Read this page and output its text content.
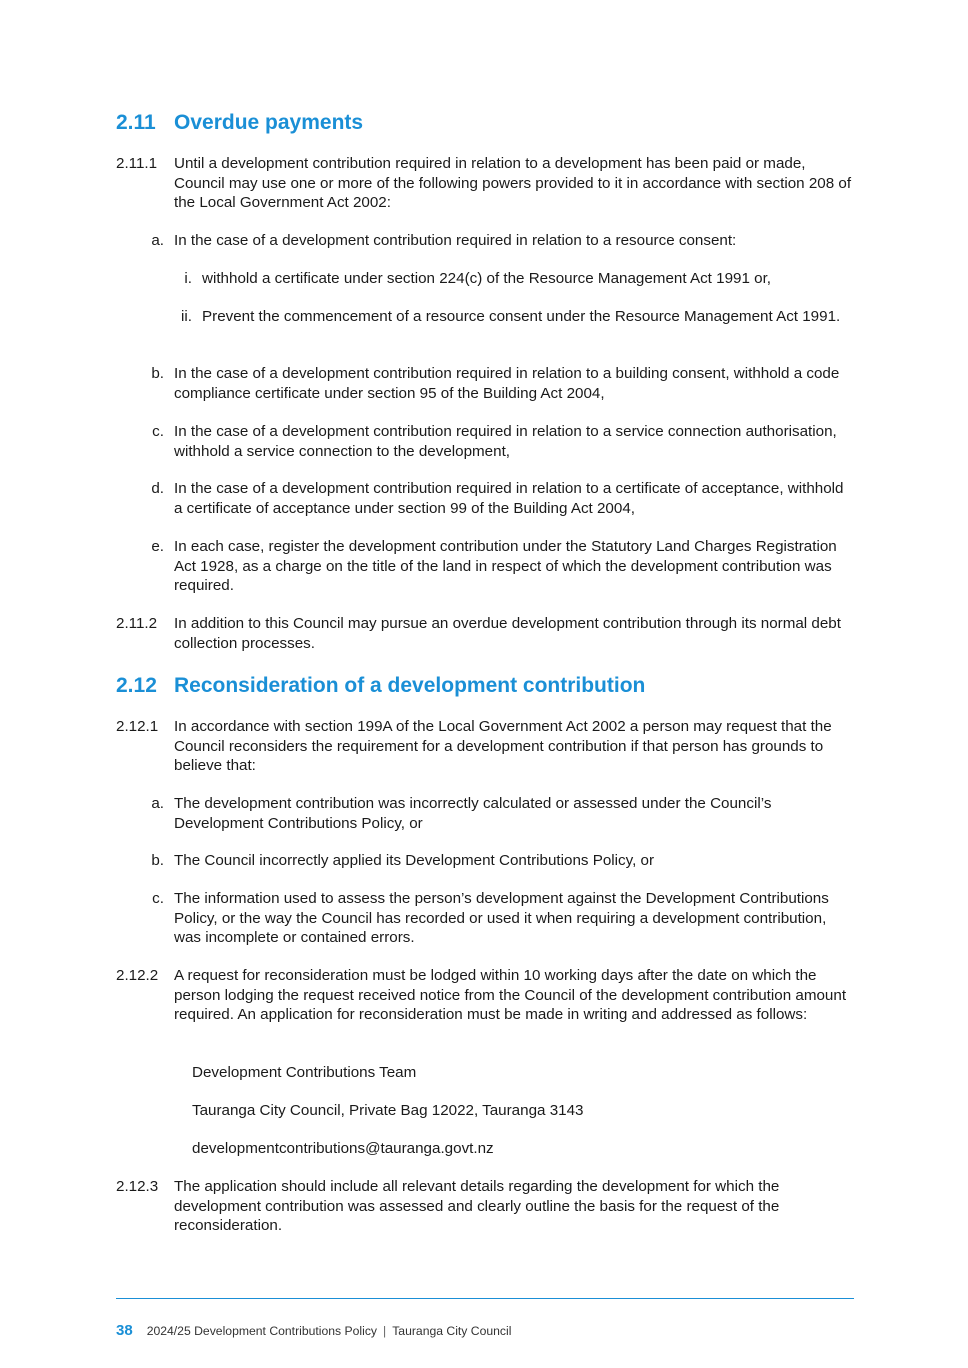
2.11 Overdue payments
2.11.1 Until a development contribution required in relation to a development has been paid or made, Council may use one or more of the following powers provided to it in accordance with section 208 of the Local Government Act 2002:
a. In the case of a development contribution required in relation to a resource consent:
i. withhold a certificate under section 224(c) of the Resource Management Act 1991 or,
ii. Prevent the commencement of a resource consent under the Resource Management Act 1991.
b. In the case of a development contribution required in relation to a building consent, withhold a code compliance certificate under section 95 of the Building Act 2004,
c. In the case of a development contribution required in relation to a service connection authorisation, withhold a service connection to the development,
d. In the case of a development contribution required in relation to a certificate of acceptance, withhold a certificate of acceptance under section 99 of the Building Act 2004,
e. In each case, register the development contribution under the Statutory Land Charges Registration Act 1928, as a charge on the title of the land in respect of which the development contribution was required.
2.11.2 In addition to this Council may pursue an overdue development contribution through its normal debt collection processes.
2.12 Reconsideration of a development contribution
2.12.1 In accordance with section 199A of the Local Government Act 2002 a person may request that the Council reconsiders the requirement for a development contribution if that person has grounds to believe that:
a. The development contribution was incorrectly calculated or assessed under the Council’s Development Contributions Policy, or
b. The Council incorrectly applied its Development Contributions Policy, or
c. The information used to assess the person’s development against the Development Contributions Policy, or the way the Council has recorded or used it when requiring a development contribution, was incomplete or contained errors.
2.12.2 A request for reconsideration must be lodged within 10 working days after the date on which the person lodging the request received notice from the Council of the development contribution amount required. An application for reconsideration must be made in writing and addressed as follows:
Development Contributions Team
Tauranga City Council, Private Bag 12022, Tauranga 3143
developmentcontributions@tauranga.govt.nz
2.12.3 The application should include all relevant details regarding the development for which the development contribution was assessed and clearly outline the basis for the request of the reconsideration.
38 2024/25 Development Contributions Policy | Tauranga City Council
